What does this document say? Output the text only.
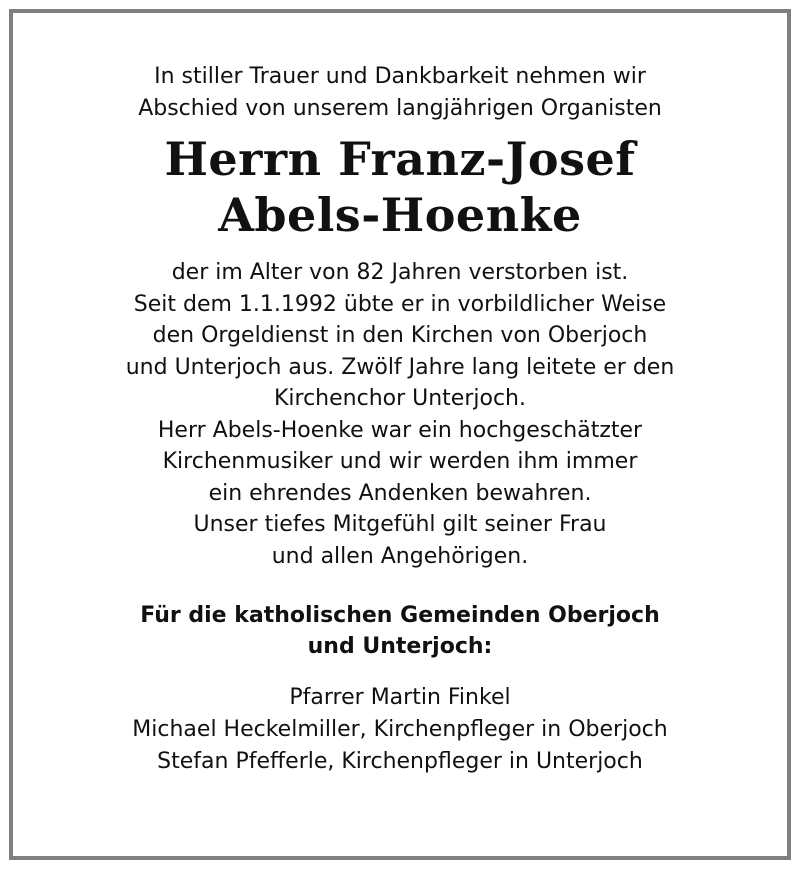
In stiller Trauer und Dankbarkeit nehmen wir
Abschied von unserem langjährigen Organisten
Herrn Franz-Josef
Abels-Hoenke
der im Alter von 82 Jahren verstorben ist.
Seit dem 1.1.1992 übte er in vorbildlicher Weise
den Orgeldienst in den Kirchen von Oberjoch
und Unterjoch aus. Zwölf Jahre lang leitete er den
Kirchenchor Unterjoch.
Herr Abels-Hoenke war ein hochgeschätzter
Kirchenmusiker und wir werden ihm immer
ein ehrendes Andenken bewahren.
Unser tiefes Mitgefühl gilt seiner Frau
und allen Angehörigen.
Für die katholischen Gemeinden Oberjoch
und Unterjoch:
Pfarrer Martin Finkel
Michael Heckelmiller, Kirchenpfleger in Oberjoch
Stefan Pfefferle, Kirchenpfleger in Unterjoch
